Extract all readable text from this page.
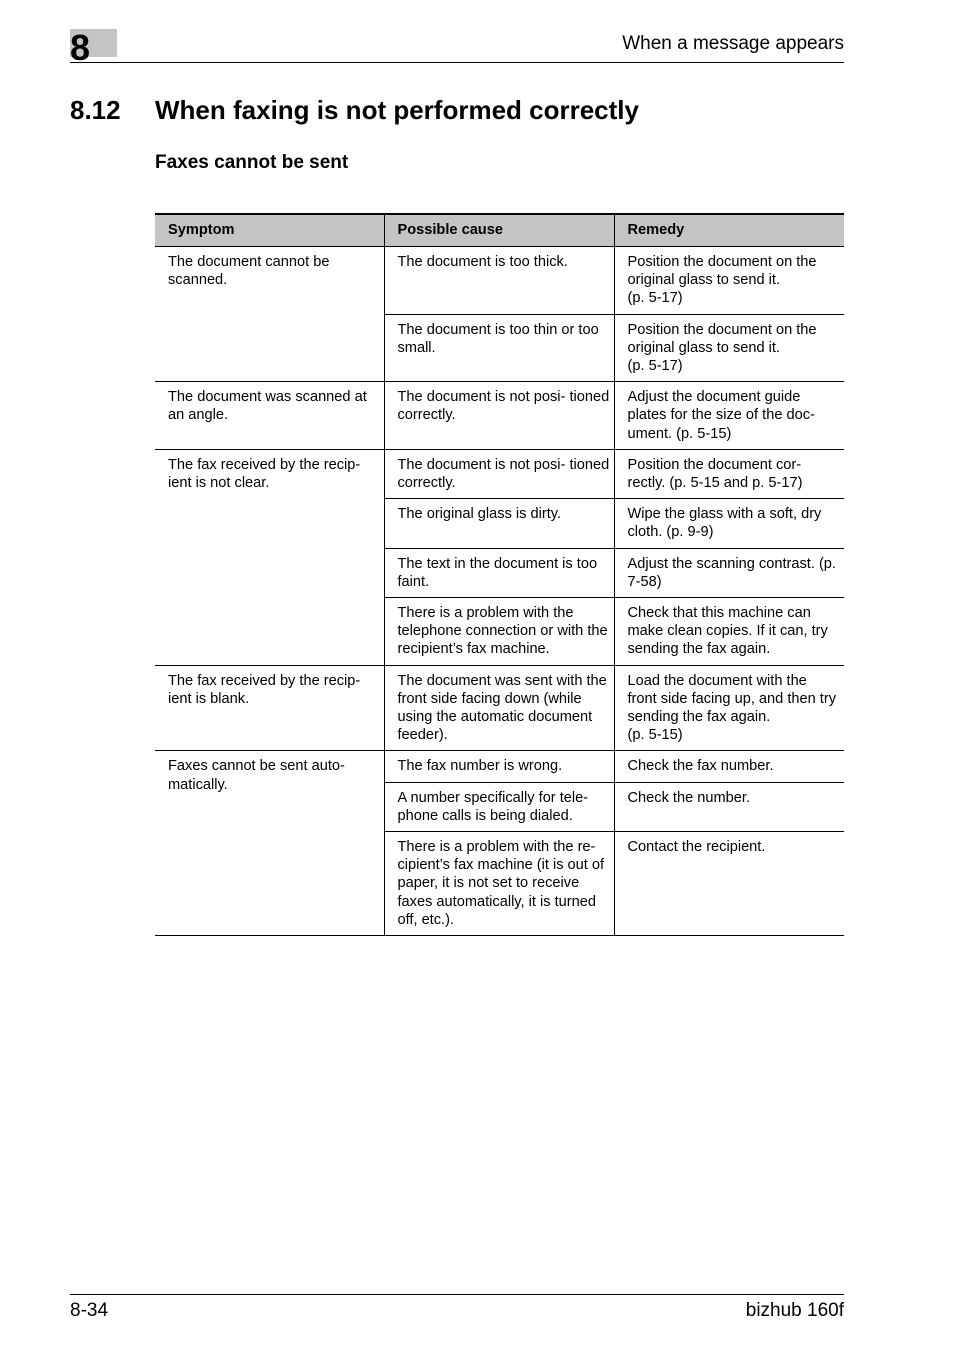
8	When a message appears
8.12 When faxing is not performed correctly
Faxes cannot be sent
Symptom	Possible cause	Remedy
The document cannot be scanned.	The document is too thick.	Position the document on the original glass to send it.
(p. 5-17)
	The document is too thin or too small.	Position the document on the original glass to send it.
(p. 5-17)
The document was scanned at an angle.	The document is not posi- tioned correctly.	Adjust the document guide plates for the size of the doc- ument. (p. 5-15)
The fax received by the recip- ient is not clear.	The document is not posi- tioned correctly.	Position the document cor- rectly. (p. 5-15 and p. 5-17)
	The original glass is dirty.	Wipe the glass with a soft, dry cloth. (p. 9-9)
	The text in the document is too faint.	Adjust the scanning contrast. (p. 7-58)
	There is a problem with the telephone connection or with the recipient’s fax machine.	Check that this machine can make clean copies. If it can, try sending the fax again.
The fax received by the recip- ient is blank.	The document was sent with the front side facing down (while using the automatic document feeder).	Load the document with the front side facing up, and then try sending the fax again.
(p. 5-15)
Faxes cannot be sent auto- matically.	The fax number is wrong.	Check the fax number.
	A number specifically for tele- phone calls is being dialed.	Check the number.
	There is a problem with the re- cipient’s fax machine (it is out of paper, it is not set to receive faxes automatically, it is turned off, etc.).	Contact the recipient.
8-34	bizhub 160f
